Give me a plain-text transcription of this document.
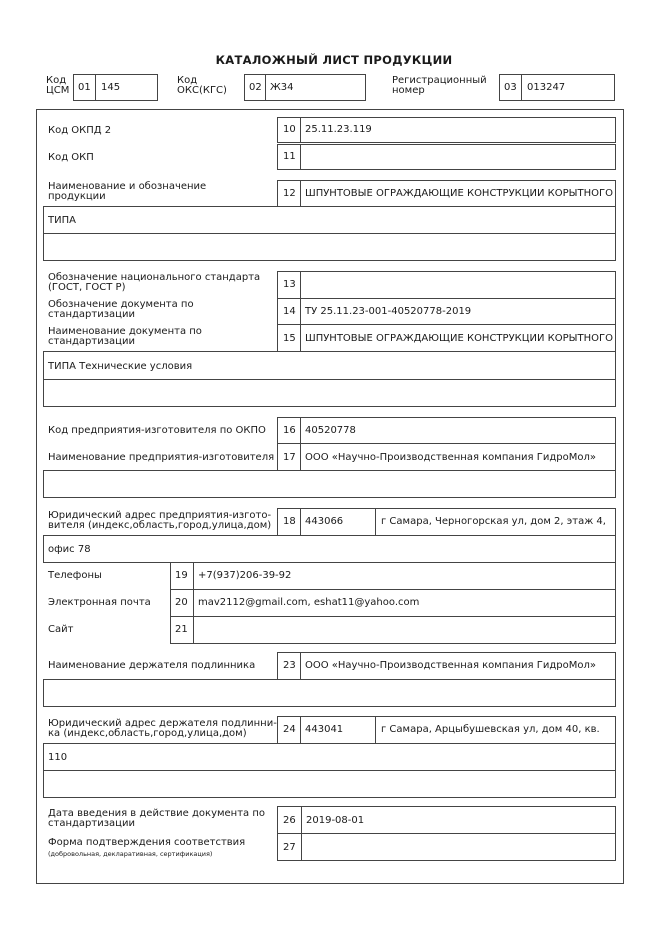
КАТАЛОЖНЫЙ ЛИСТ ПРОДУКЦИИ
Код
ЦСМ 01 145
Код
ОКС(КГС) 02 Ж34
Регистрационный
номер	03 013247
Код ОКПД 2	10 25.11.23.119
Код ОКП	11
Наименование и обозначение
продукции	12 ШПУНТОВЫЕ ОГРАЖДАЮЩИЕ КОНСТРУКЦИИ КОРЫТНОГО
ТИПА
Обозначение национального стандарта
(ГОСТ, ГОСТ Р)	13
Обозначение документа по
стандартизации	14 ТУ 25.11.23-001-40520778-2019
Наименование документа по
стандартизации	15 ШПУНТОВЫЕ ОГРАЖДАЮЩИЕ КОНСТРУКЦИИ КОРЫТНОГО
ТИПА Технические условия
Код предприятия-изготовителя по ОКПО 16 40520778
Наименование предприятия-изготовителя 17 ООО «Научно-Производственная компания ГидроМол»
Юридический адрес предприятия-изгото-
вителя (индекс,область,город,улица,дом) 18 443066	г Самара, Черногорская ул, дом 2, этаж 4,
офис 78
Телефоны	19 +7(937)206-39-92
Электронная почта 20 mav2112@gmail.com, eshat11@yahoo.com
Сайт	21
Наименование держателя подлинника	23 ООО «Научно-Производственная компания ГидроМол»
Юридический адрес держателя подлинни-
ка (индекс,область,город,улица,дом)	24 443041	г Самара, Арцыбушевская ул, дом 40, кв.
110
Дата введения в действие документа по
стандартизации	26 2019-08-01
Форма подтверждения соответствия
(добровольная, декларативная, сертификация)
27
